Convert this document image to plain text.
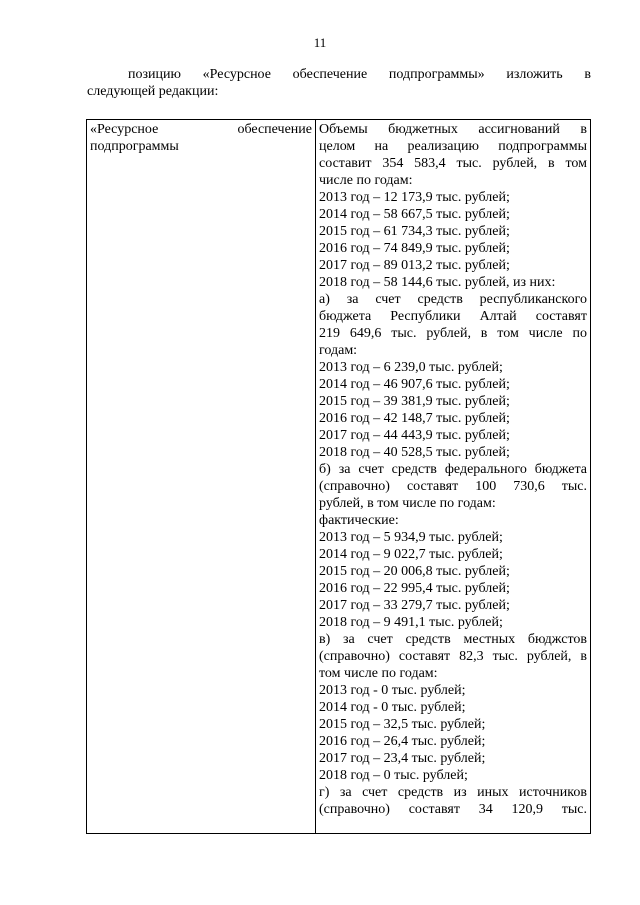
11
позицию «Ресурсное обеспечение подпрограммы» изложить в
следующей редакции:
«Ресурсное обеспечение
подпрограммы

Объемы бюджетных ассигнований в
целом на реализацию подпрограммы
составит 354 583,4 тыс. рублей, в том
числе по годам:
2013 год – 12 173,9 тыс. рублей;
2014 год – 58 667,5 тыс. рублей;
2015 год – 61 734,3 тыс. рублей;
2016 год – 74 849,9 тыс. рублей;
2017 год – 89 013,2 тыс. рублей;
2018 год – 58 144,6 тыс. рублей, из них:
а) за счет средств республиканского
бюджета Республики Алтай составят
219 649,6 тыс. рублей, в том числе по
годам:
2013 год – 6 239,0 тыс. рублей;
2014 год – 46 907,6 тыс. рублей;
2015 год – 39 381,9 тыс. рублей;
2016 год – 42 148,7 тыс. рублей;
2017 год – 44 443,9 тыс. рублей;
2018 год – 40 528,5 тыс. рублей;
б) за счет средств федерального бюджета
(справочно) составят 100 730,6 тыс.
рублей, в том числе по годам:
фактические:
2013 год – 5 934,9 тыс. рублей;
2014 год – 9 022,7 тыс. рублей;
2015 год – 20 006,8 тыс. рублей;
2016 год – 22 995,4 тыс. рублей;
2017 год – 33 279,7 тыс. рублей;
2018 год – 9 491,1 тыс. рублей;
в) за счет средств местных бюджстов
(справочно) составят 82,3 тыс. рублей, в
том числе по годам:
2013 год - 0 тыс. рублей;
2014 год - 0 тыс. рублей;
2015 год – 32,5 тыс. рублей;
2016 год – 26,4 тыс. рублей;
2017 год – 23,4 тыс. рублей;
2018 год – 0 тыс. рублей;
г) за счет средств из иных источников
(справочно) составят 34 120,9 тыс.
